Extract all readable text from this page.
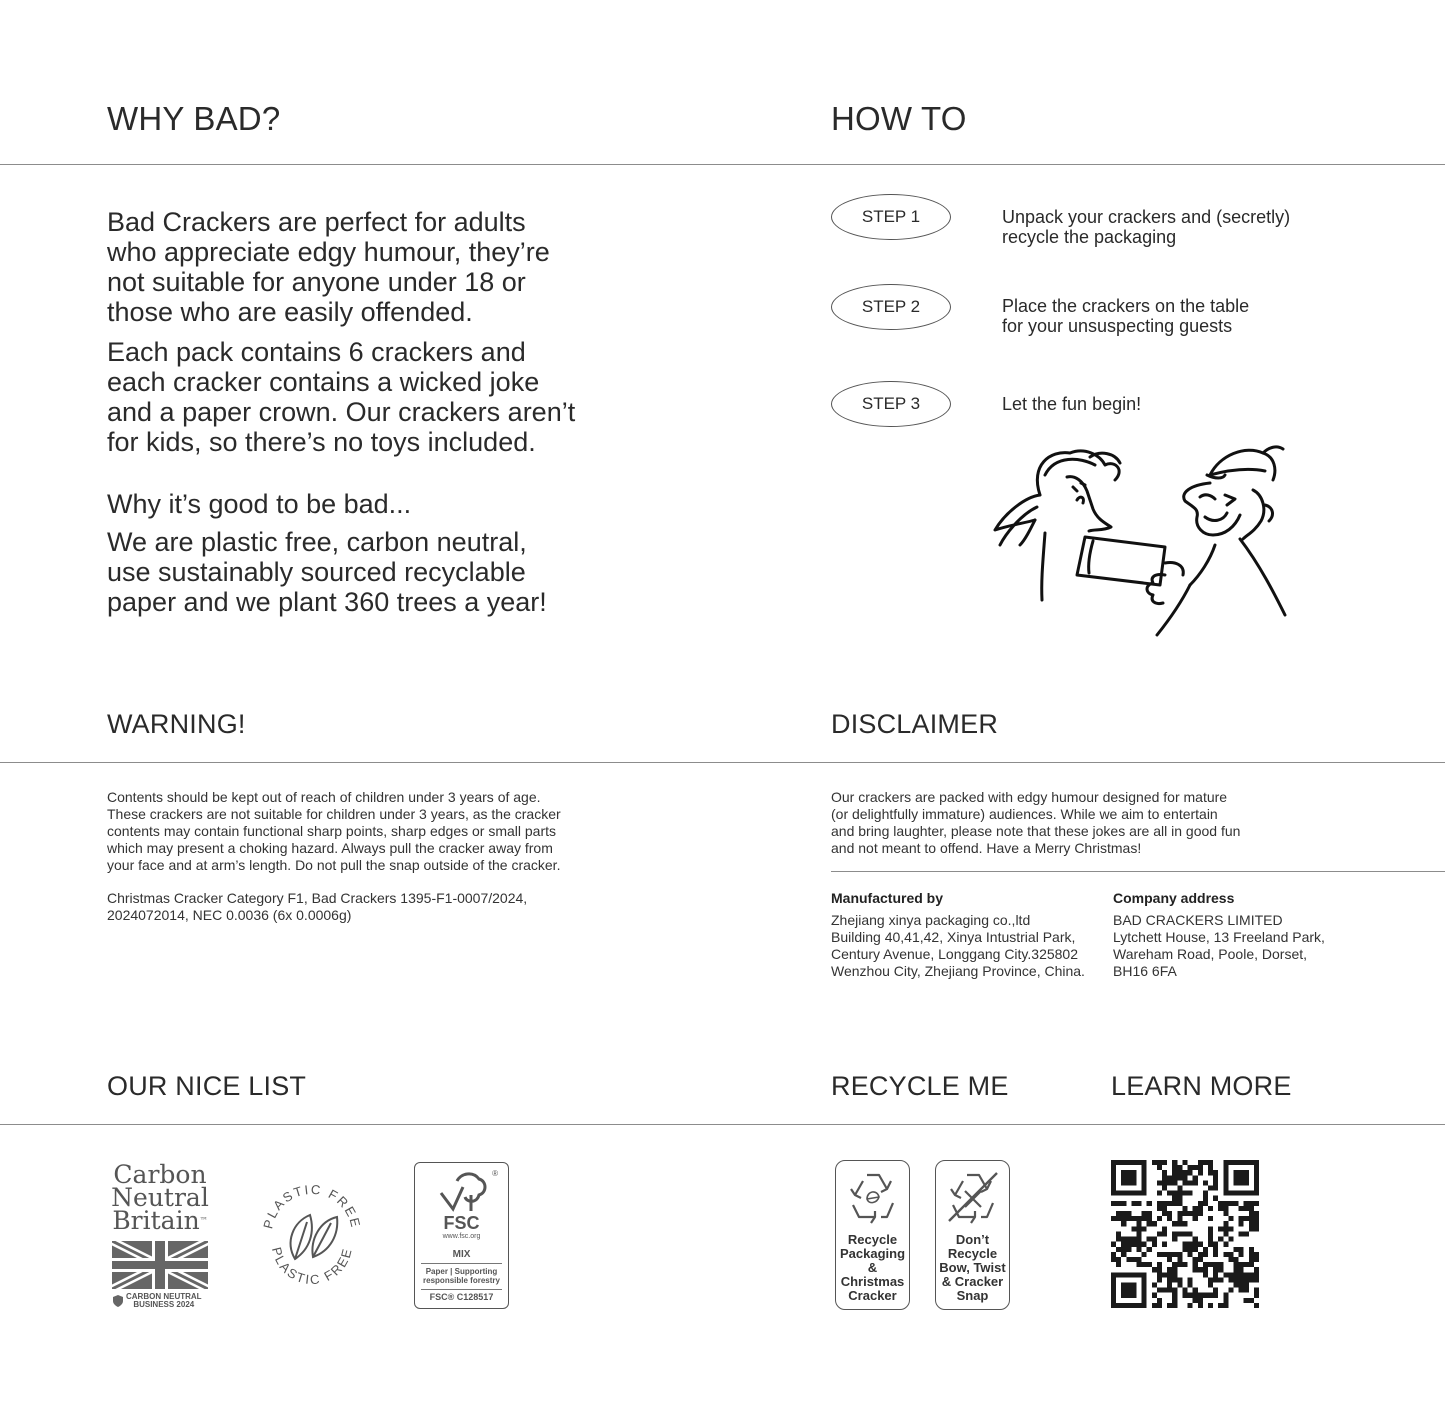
WHY BAD?

Bad Crackers are perfect for adults
who appreciate edgy humour, they’re
not suitable for anyone under 18 or
those who are easily offended.

Each pack contains 6 crackers and
each cracker contains a wicked joke
and a paper crown. Our crackers aren’t
for kids, so there’s no toys included.

Why it’s good to be bad...

We are plastic free, carbon neutral,
use sustainably sourced recyclable
paper and we plant 360 trees a year!

HOW TO
STEP 1	Unpack your crackers and (secretly)
recycle the packaging
STEP 2	Place the crackers on the table
for your unsuspecting guests
STEP 3	Let the fun begin!
WARNING!
Contents should be kept out of reach of children under 3 years of age.
These crackers are not suitable for children under 3 years, as the cracker
contents may contain functional sharp points, sharp edges or small parts
which may present a choking hazard. Always pull the cracker away from
your face and at arm’s length. Do not pull the snap outside of the cracker.
Christmas Cracker Category F1, Bad Crackers 1395-F1-0007/2024,
2024072014, NEC 0.0036 (6x 0.0006g)
DISCLAIMER
Our crackers are packed with edgy humour designed for mature
(or delightfully immature) audiences. While we aim to entertain
and bring laughter, please note that these jokes are all in good fun
and not meant to offend. Have a Merry Christmas!
Manufactured by
Zhejiang xinya packaging co.,ltd
Building 40,41,42, Xinya Intustrial Park,
Century Avenue, Longgang City.325802
Wenzhou City, Zhejiang Province, China.
Company address
BAD CRACKERS LIMITED
Lytchett House, 13 Freeland Park,
Wareham Road, Poole, Dorset,
BH16 6FA
OUR NICE LIST	RECYCLE ME	LEARN MORE
Carbon
Neutral
Britain™
CARBON NEUTRAL
BUSINESS 2024
PLASTIC FREE
PLASTIC FREE
®
FSC
www.fsc.org
MIX
Paper | Supporting
responsible forestry
FSC® C128517
Recycle
Packaging
&
Christmas
Cracker
Don’t
Recycle
Bow, Twist
& Cracker
Snap
